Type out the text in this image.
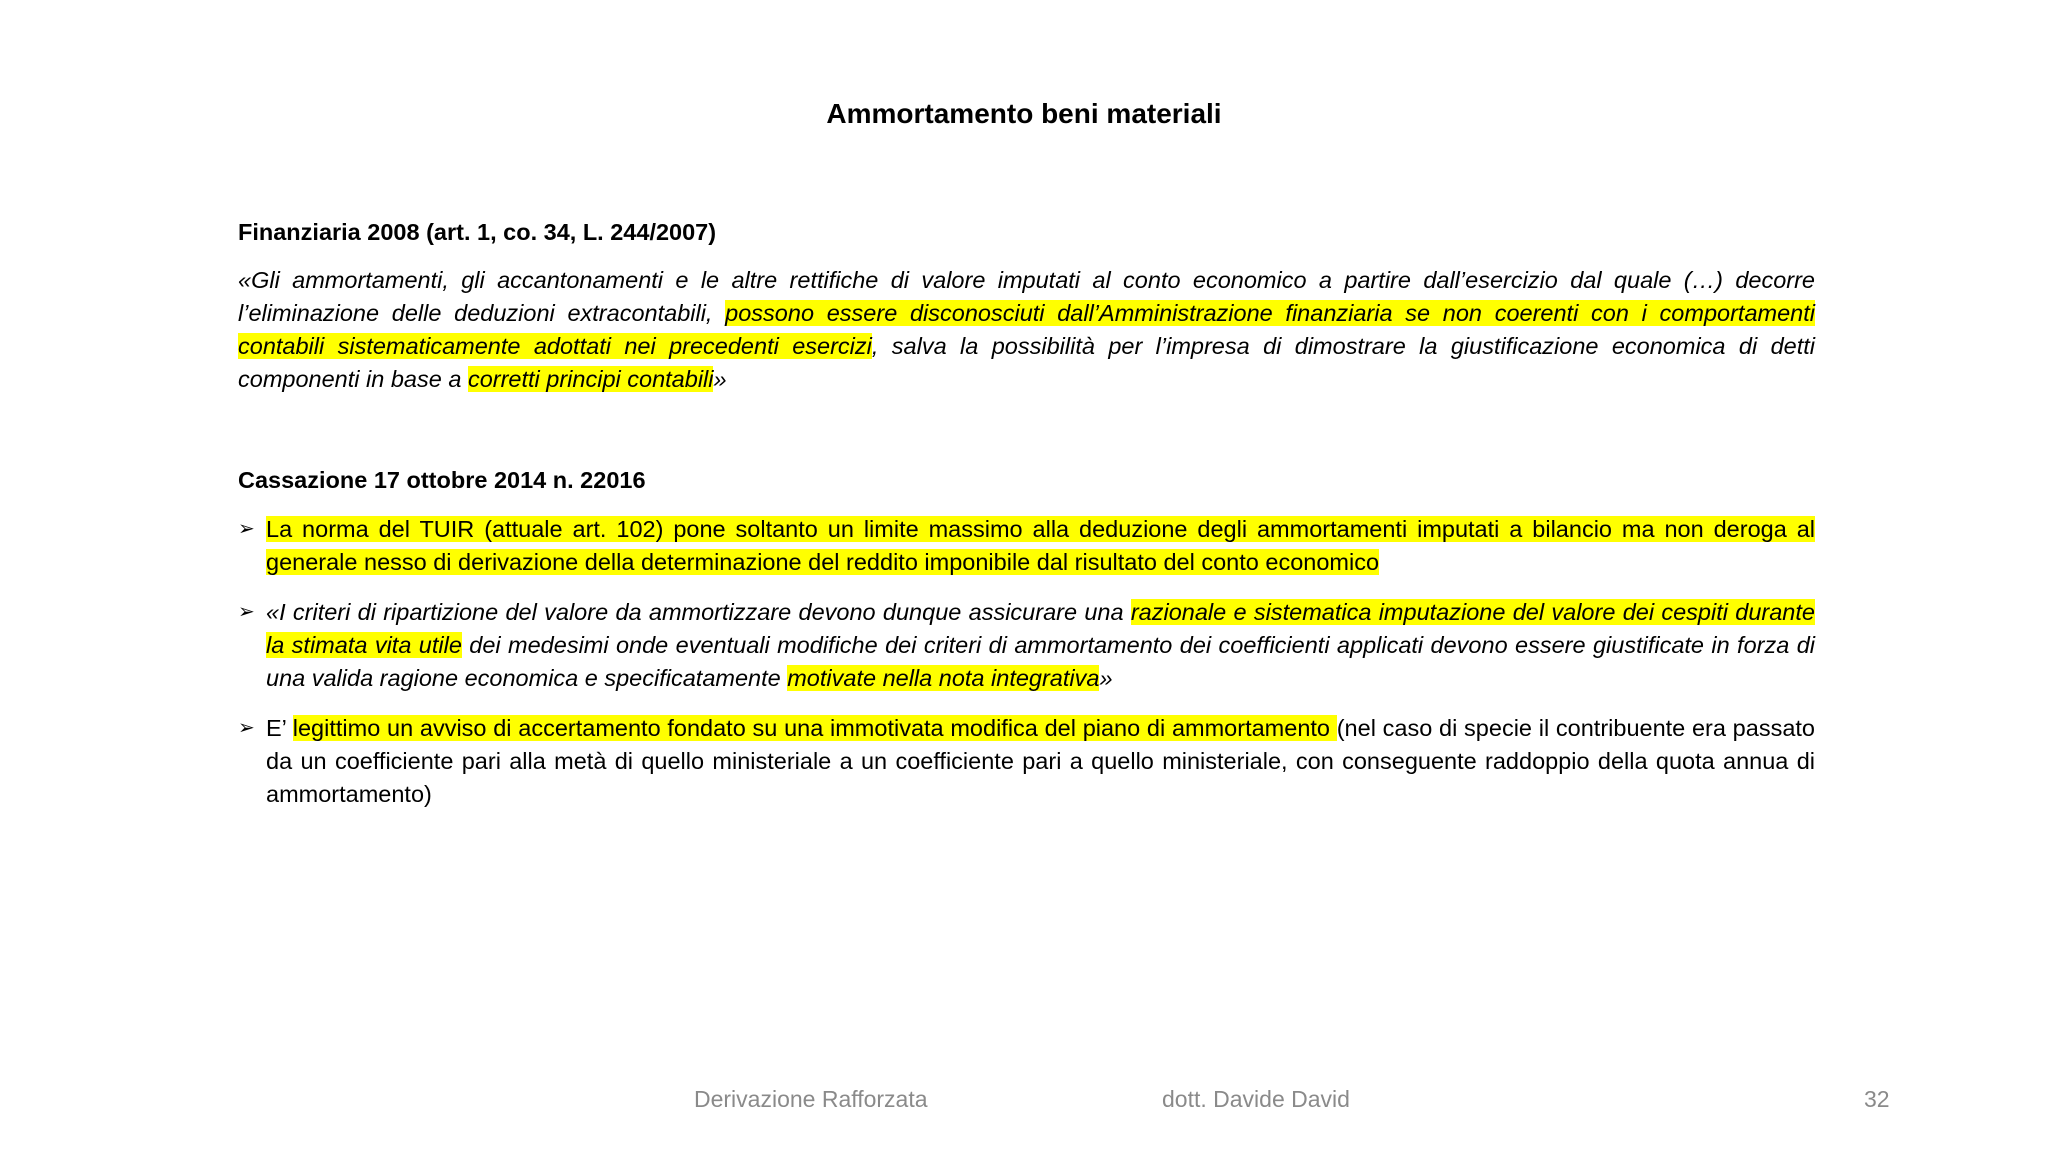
Ammortamento beni materiali
Finanziaria 2008 (art. 1, co. 34, L. 244/2007)
«Gli ammortamenti, gli accantonamenti e le altre rettifiche di valore imputati al conto economico a partire dall’esercizio dal quale (…) decorre l’eliminazione delle deduzioni extracontabili, possono essere disconosciuti dall’Amministrazione finanziaria se non coerenti con i comportamenti contabili sistematicamente adottati nei precedenti esercizi, salva la possibilità per l’impresa di dimostrare la giustificazione economica di detti componenti in base a corretti principi contabili»
Cassazione 17 ottobre 2014 n. 22016
➢ La norma del TUIR (attuale art. 102) pone soltanto un limite massimo alla deduzione degli ammortamenti imputati a bilancio ma non deroga al generale nesso di derivazione della determinazione del reddito imponibile dal risultato del conto economico
➢ «I criteri di ripartizione del valore da ammortizzare devono dunque assicurare una razionale e sistematica imputazione del valore dei cespiti durante la stimata vita utile dei medesimi onde eventuali modifiche dei criteri di ammortamento dei coefficienti applicati devono essere giustificate in forza di una valida ragione economica e specificatamente motivate nella nota integrativa»
➢ E’ legittimo un avviso di accertamento fondato su una immotivata modifica del piano di ammortamento (nel caso di specie il contribuente era passato da un coefficiente pari alla metà di quello ministeriale a un coefficiente pari a quello ministeriale, con conseguente raddoppio della quota annua di ammortamento)
Derivazione Rafforzata	dott. Davide David	32
